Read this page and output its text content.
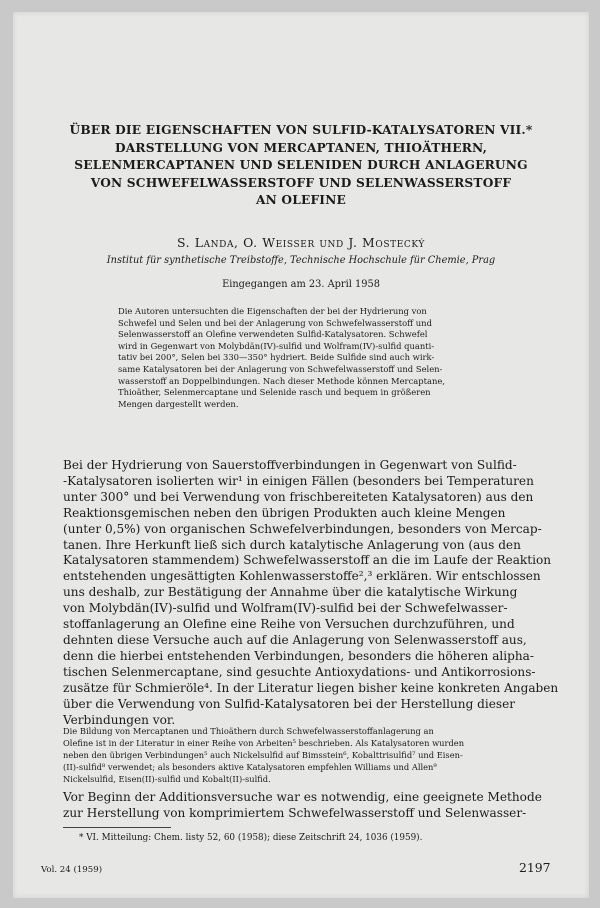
ÜBER DIE EIGENSCHAFTEN VON SULFID-KATALYSATOREN VII.*
DARSTELLUNG VON MERCAPTANEN, THIOÄTHERN,
SELENMERCAPTANEN UND SELENIDEN DURCH ANLAGERUNG
VON SCHWEFELWASSERSTOFF UND SELENWASSERSTOFF
AN OLEFINE
S. Landa, O. Weisser und J. Mostecký
Institut für synthetische Treibstoffe, Technische Hochschule für Chemie, Prag
Eingegangen am 23. April 1958
Die Autoren untersuchten die Eigenschaften der bei der Hydrierung von
Schwefel und Selen und bei der Anlagerung von Schwefelwasserstoff und
Selenwasserstoff an Olefine verwendeten Sulfid-Katalysatoren. Schwefel
wird in Gegenwart von Molybdän(IV)-sulfid und Wolfram(IV)-sulfid quanti-
tativ bei 200°, Selen bei 330—350° hydriert. Beide Sulfide sind auch wirk-
same Katalysatoren bei der Anlagerung von Schwefelwasserstoff und Selen-
wasserstoff an Doppelbindungen. Nach dieser Methode können Mercaptane,
Thioäther, Selenmercaptane und Selenide rasch und bequem in größeren
Mengen dargestellt werden.
Bei der Hydrierung von Sauerstoffverbindungen in Gegenwart von Sulfid-
-Katalysatoren isolierten wir¹ in einigen Fällen (besonders bei Temperaturen
unter 300° und bei Verwendung von frischbereiteten Katalysatoren) aus den
Reaktionsgemischen neben den übrigen Produkten auch kleine Mengen
(unter 0,5%) von organischen Schwefelverbindungen, besonders von Mercap-
tanen. Ihre Herkunft ließ sich durch katalytische Anlagerung von (aus den
Katalysatoren stammendem) Schwefelwasserstoff an die im Laufe der Reaktion
entstehenden ungesättigten Kohlenwasserstoffe²,³ erklären. Wir entschlossen
uns deshalb, zur Bestätigung der Annahme über die katalytische Wirkung
von Molybdän(IV)-sulfid und Wolfram(IV)-sulfid bei der Schwefelwasser-
stoffanlagerung an Olefine eine Reihe von Versuchen durchzuführen, und
dehnten diese Versuche auch auf die Anlagerung von Selenwasserstoff aus,
denn die hierbei entstehenden Verbindungen, besonders die höheren alipha-
tischen Selenmercaptane, sind gesuchte Antioxydations- und Antikorrosions-
zusätze für Schmieröle⁴. In der Literatur liegen bisher keine konkreten Angaben
über die Verwendung von Sulfid-Katalysatoren bei der Herstellung dieser
Verbindungen vor.
Die Bildung von Mercaptanen und Thioäthern durch Schwefelwasserstoffanlagerung an
Olefine ist in der Literatur in einer Reihe von Arbeiten⁵ beschrieben. Als Katalysatoren wurden
neben den übrigen Verbindungen⁵ auch Nickelsulfid auf Bimsstein⁶, Kobalttrisulfid⁷ und Eisen-
(II)-sulfid⁸ verwendet; als besonders aktive Katalysatoren empfehlen Williams und Allen⁹
Nickelsulfid, Eisen(II)-sulfid und Kobalt(II)-sulfid.
Vor Beginn der Additionsversuche war es notwendig, eine geeignete Methode
zur Herstellung von komprimiertem Schwefelwasserstoff und Selenwasser-
* VI. Mitteilung: Chem. listy 52, 60 (1958); diese Zeitschrift 24, 1036 (1959).
Vol. 24 (1959)	2197
